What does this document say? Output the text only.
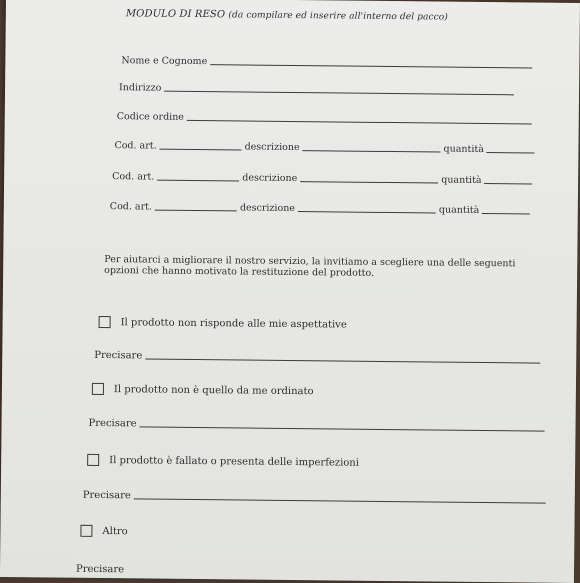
MODULO DI RESO (da compilare ed inserire all'interno del pacco)
Nome e Cognome
Indirizzo
Codice ordine
Cod. art.	descrizione	quantità
Cod. art.	descrizione	quantità
Cod. art.	descrizione	quantità
Per aiutarci a migliorare il nostro servizio, la invitiamo a scegliere una delle seguenti opzioni che hanno motivato la restituzione del prodotto.
Il prodotto non risponde alle mie aspettative
Precisare
Il prodotto non è quello da me ordinato
Precisare
Il prodotto è fallato o presenta delle imperfezioni
Precisare
Altro
Precisare
